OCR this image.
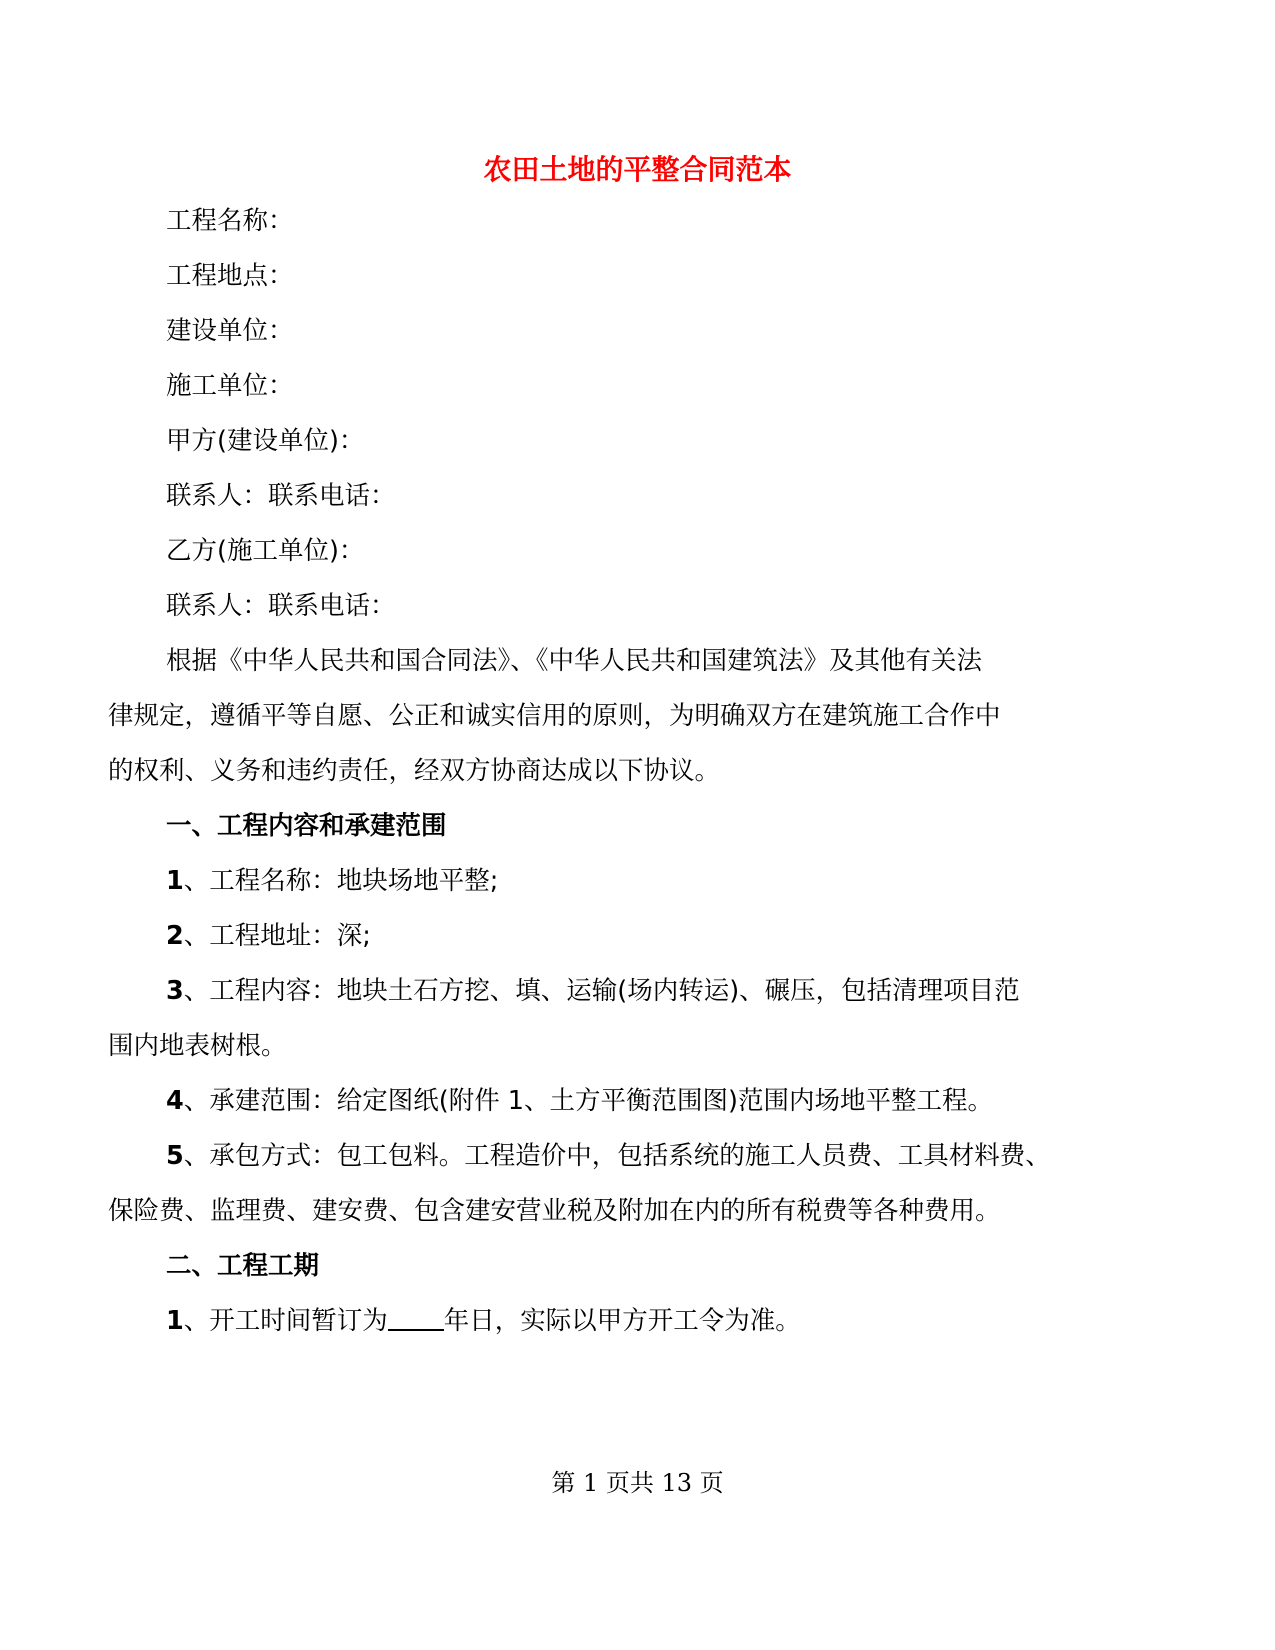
农田土地的平整合同范本

工程名称：

工程地点：

建设单位：

施工单位：

甲方(建设单位)：

联系人：联系电话：

乙方(施工单位)：

联系人：联系电话：

根据《中华人民共和国合同法》、《中华人民共和国建筑法》及其他有关法

律规定，遵循平等自愿、公正和诚实信用的原则，为明确双方在建筑施工合作中

的权利、义务和违约责任，经双方协商达成以下协议。

一、工程内容和承建范围

1、工程名称：地块场地平整;

2、工程地址：深;

3、工程内容：地块土石方挖、填、运输(场内转运)、碾压，包括清理项目范

围内地表树根。

4、承建范围：给定图纸(附件 1、土方平衡范围图)范围内场地平整工程。

5、承包方式：包工包料。工程造价中，包括系统的施工人员费、工具材料费、

保险费、监理费、建安费、包含建安营业税及附加在内的所有税费等各种费用。

二、工程工期

1、开工时间暂订为 年日，实际以甲方开工令为准。

第 1 页共 13 页
